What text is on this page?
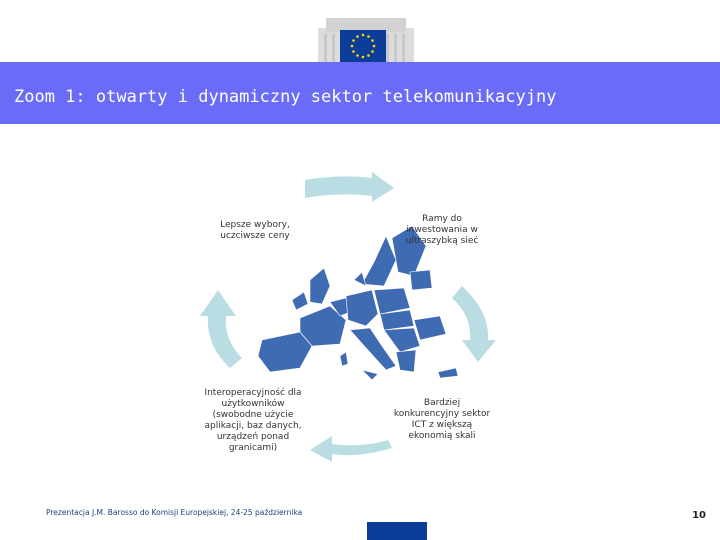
Zoom 1: otwarty i dynamiczny sektor telekomunikacyjny
Lepsze wybory,
uczciwsze ceny
Ramy do
inwestowania w
ultraszybką sieć
Bardziej
konkurencyjny sektor
ICT z większą
ekonomią skali
Interoperacyjność dla
użytkowników
(swobodne użycie
aplikacji, baz danych,
urządzeń ponad
granicami)
Prezentacja J.M. Barosso do Komisji Europejskiej, 24-25 października	10
